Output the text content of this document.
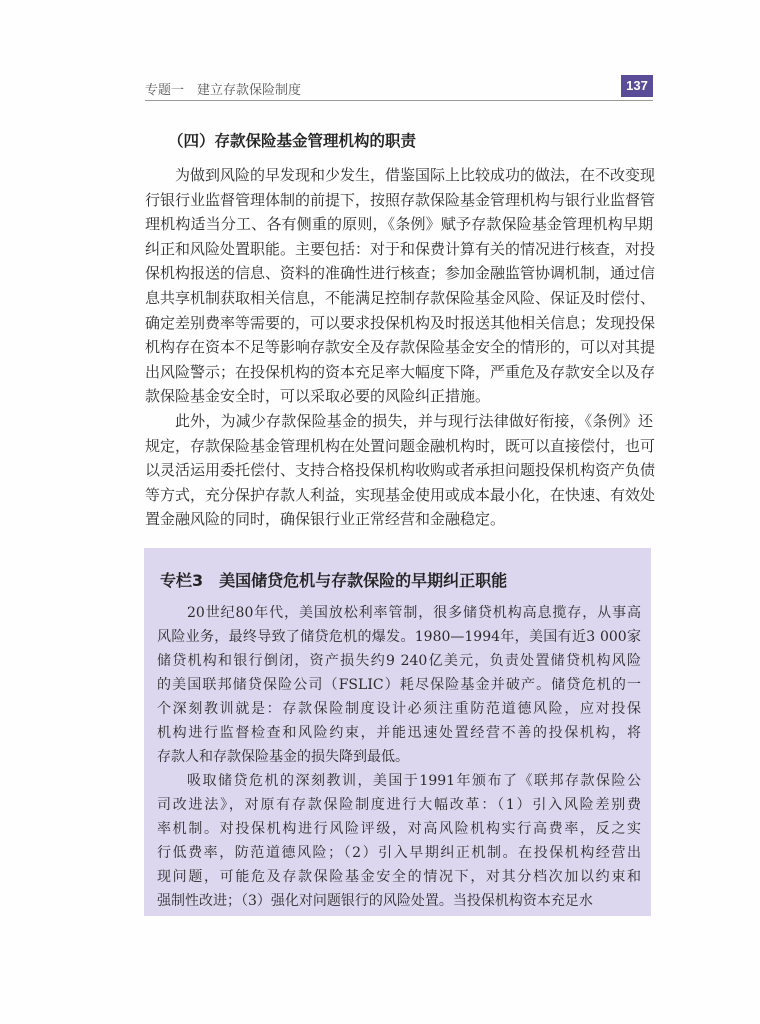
专题一　建立存款保险制度	137
（四）存款保险基金管理机构的职责
为做到风险的早发现和少发生，借鉴国际上比较成功的做法，在不改变现
行银行业监督管理体制的前提下，按照存款保险基金管理机构与银行业监督管
理机构适当分工、各有侧重的原则，《条例》赋予存款保险基金管理机构早期
纠正和风险处置职能。主要包括：对于和保费计算有关的情况进行核查，对投
保机构报送的信息、资料的准确性进行核查；参加金融监管协调机制，通过信
息共享机制获取相关信息，不能满足控制存款保险基金风险、保证及时偿付、
确定差别费率等需要的，可以要求投保机构及时报送其他相关信息；发现投保
机构存在资本不足等影响存款安全及存款保险基金安全的情形的，可以对其提
出风险警示；在投保机构的资本充足率大幅度下降，严重危及存款安全以及存
款保险基金安全时，可以采取必要的风险纠正措施。
此外，为减少存款保险基金的损失，并与现行法律做好衔接，《条例》还
规定，存款保险基金管理机构在处置问题金融机构时，既可以直接偿付，也可
以灵活运用委托偿付、支持合格投保机构收购或者承担问题投保机构资产负债
等方式，充分保护存款人利益，实现基金使用或成本最小化，在快速、有效处
置金融风险的同时，确保银行业正常经营和金融稳定。
专栏3　美国储贷危机与存款保险的早期纠正职能
20世纪80年代，美国放松利率管制，很多储贷机构高息揽存，从事高
风险业务，最终导致了储贷危机的爆发。1980—1994年，美国有近3 000家
储贷机构和银行倒闭，资产损失约9 240亿美元，负责处置储贷机构风险
的美国联邦储贷保险公司（FSLIC）耗尽保险基金并破产。储贷危机的一
个深刻教训就是：存款保险制度设计必须注重防范道德风险，应对投保
机构进行监督检查和风险约束，并能迅速处置经营不善的投保机构，将
存款人和存款保险基金的损失降到最低。
吸取储贷危机的深刻教训，美国于1991年颁布了《联邦存款保险公
司改进法》，对原有存款保险制度进行大幅改革：（1）引入风险差别费
率机制。对投保机构进行风险评级，对高风险机构实行高费率，反之实
行低费率，防范道德风险；（2）引入早期纠正机制。在投保机构经营出
现问题，可能危及存款保险基金安全的情况下，对其分档次加以约束和
强制性改进；（3）强化对问题银行的风险处置。当投保机构资本充足水
